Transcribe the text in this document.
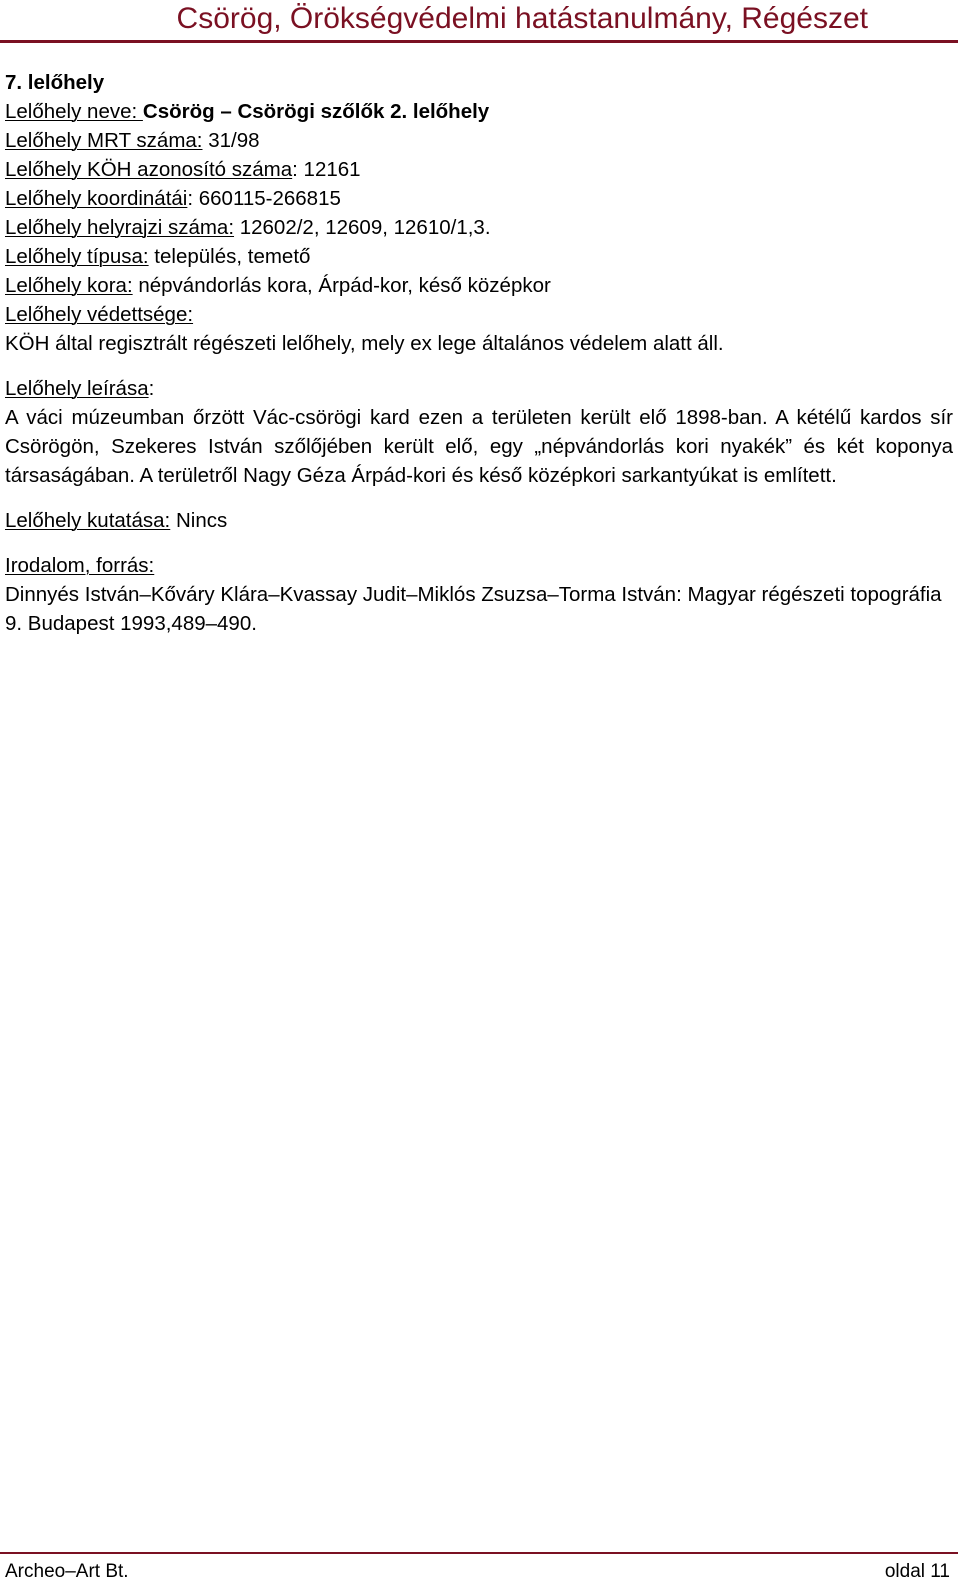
Csörög, Örökségvédelmi hatástanulmány, Régészet
7. lelőhely
Lelőhely neve: Csörög – Csörögi szőlők 2. lelőhely
Lelőhely MRT száma: 31/98
Lelőhely KÖH azonosító száma: 12161
Lelőhely koordinátái: 660115-266815
Lelőhely helyrajzi száma: 12602/2, 12609, 12610/1,3.
Lelőhely típusa: település, temető
Lelőhely kora: népvándorlás kora, Árpád-kor, késő középkor
Lelőhely védettsége:
KÖH által regisztrált régészeti lelőhely, mely ex lege általános védelem alatt áll.
Lelőhely leírása:
A váci múzeumban őrzött Vác-csörögi kard ezen a területen került elő 1898-ban. A kétélű kardos sír Csörögön, Szekeres István szőlőjében került elő, egy „népvándorlás kori nyakék” és két koponya társaságában. A területről Nagy Géza Árpád-kori és késő középkori sarkantyúkat is említett.
Lelőhely kutatása: Nincs
Irodalom, forrás:
Dinnyés István–Kőváry Klára–Kvassay Judit–Miklós Zsuzsa–Torma István: Magyar régészeti topográfia 9. Budapest 1993,489–490.
Archeo–Art Bt.	oldal 11
